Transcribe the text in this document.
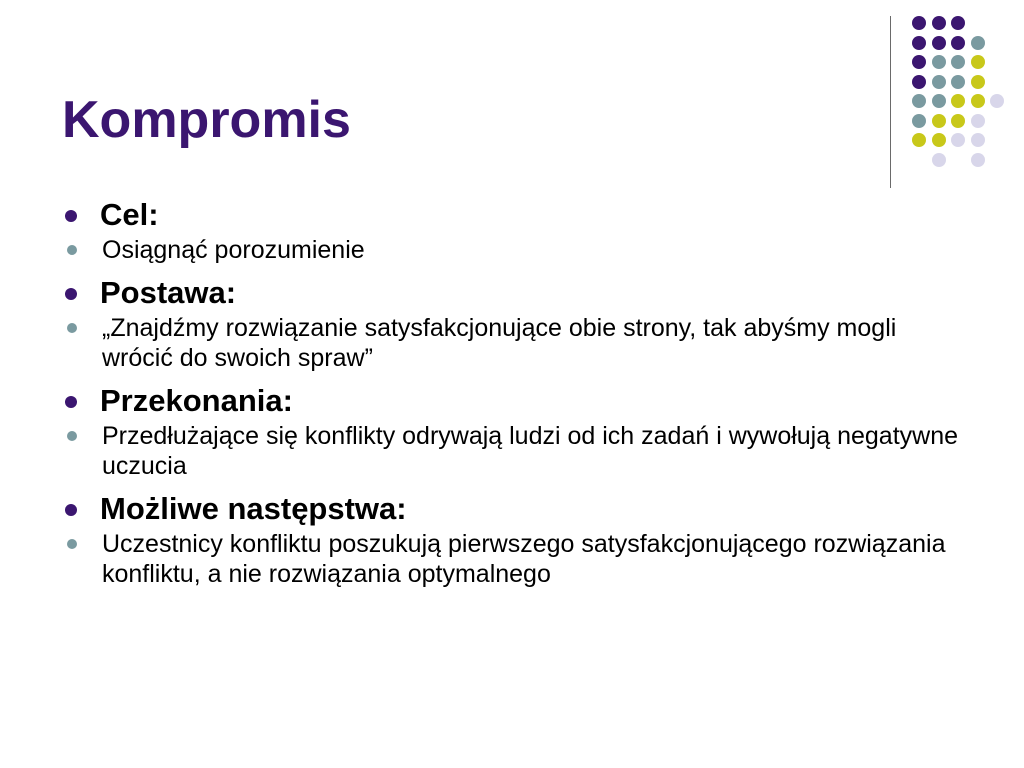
Kompromis
Cel:
Osiągnąć porozumienie
Postawa:
„Znajdźmy rozwiązanie satysfakcjonujące obie strony, tak abyśmy mogli wrócić do swoich spraw”
Przekonania:
Przedłużające się konflikty odrywają ludzi od ich zadań i wywołują negatywne uczucia
Możliwe następstwa:
Uczestnicy konfliktu poszukują pierwszego satysfakcjonującego rozwiązania konfliktu, a nie rozwiązania optymalnego
